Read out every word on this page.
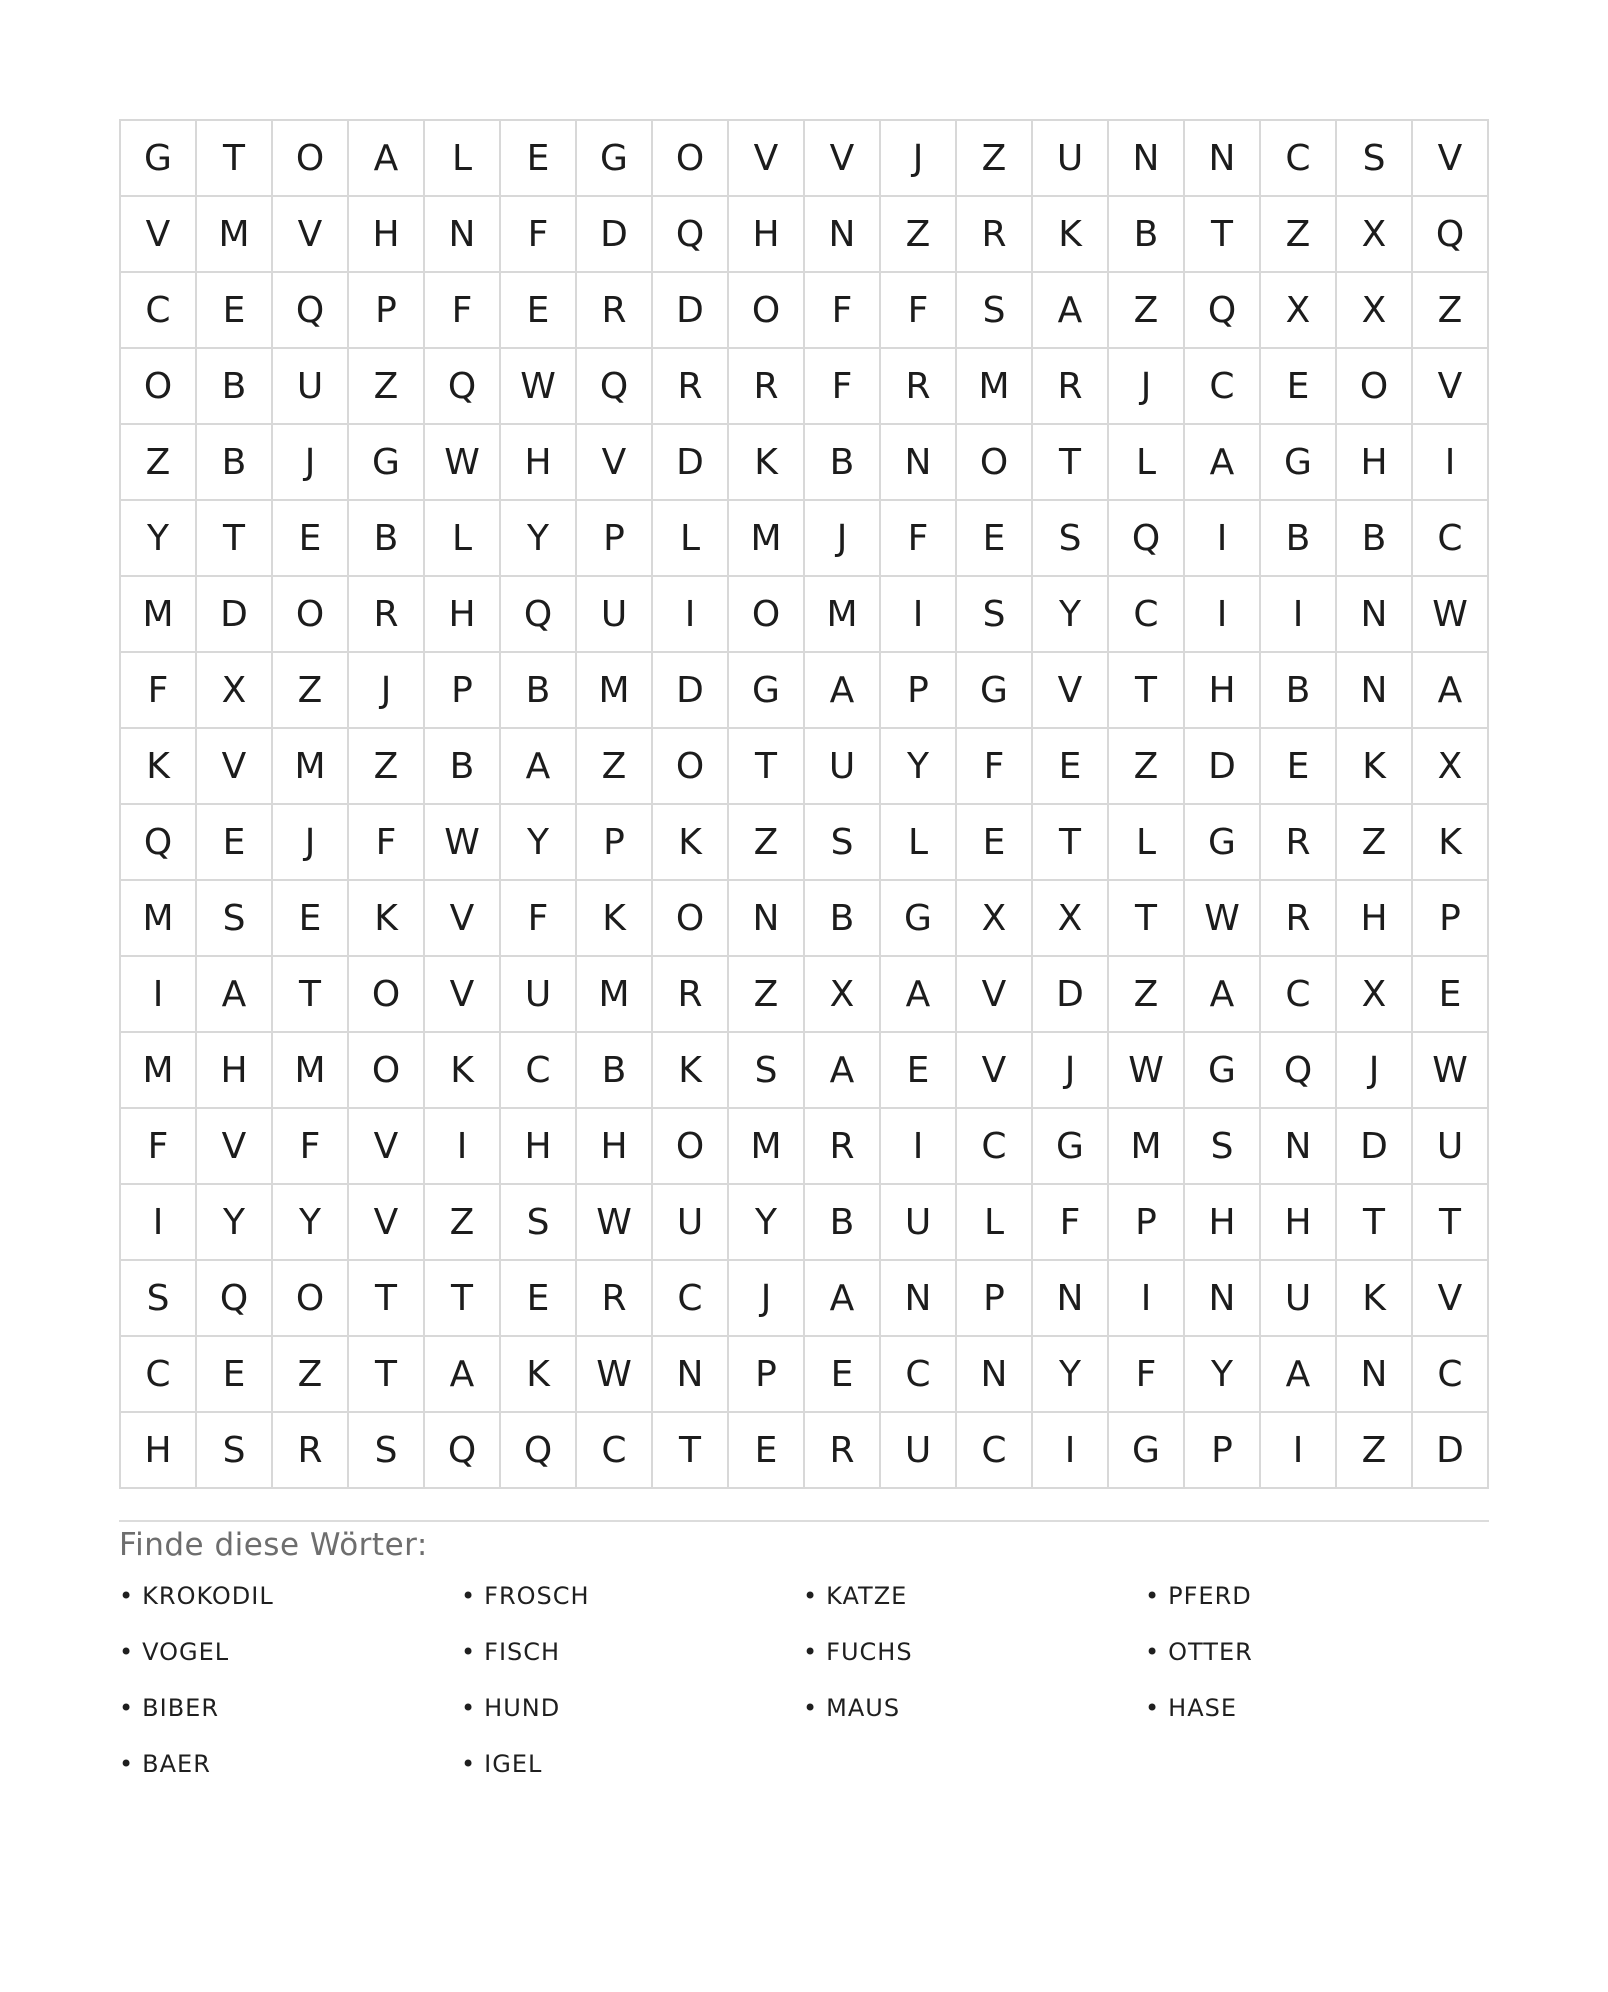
G	T	O	A	L	E	G	O	V	V	J	Z	U	N	N	C	S	V
V	M	V	H	N	F	D	Q	H	N	Z	R	K	B	T	Z	X	Q
C	E	Q	P	F	E	R	D	O	F	F	S	A	Z	Q	X	X	Z
O	B	U	Z	Q	W	Q	R	R	F	R	M	R	J	C	E	O	V
Z	B	J	G	W	H	V	D	K	B	N	O	T	L	A	G	H	I
Y	T	E	B	L	Y	P	L	M	J	F	E	S	Q	I	B	B	C
M	D	O	R	H	Q	U	I	O	M	I	S	Y	C	I	I	N	W
F	X	Z	J	P	B	M	D	G	A	P	G	V	T	H	B	N	A
K	V	M	Z	B	A	Z	O	T	U	Y	F	E	Z	D	E	K	X
Q	E	J	F	W	Y	P	K	Z	S	L	E	T	L	G	R	Z	K
M	S	E	K	V	F	K	O	N	B	G	X	X	T	W	R	H	P
I	A	T	O	V	U	M	R	Z	X	A	V	D	Z	A	C	X	E
M	H	M	O	K	C	B	K	S	A	E	V	J	W	G	Q	J	W
F	V	F	V	I	H	H	O	M	R	I	C	G	M	S	N	D	U
I	Y	Y	V	Z	S	W	U	Y	B	U	L	F	P	H	H	T	T
S	Q	O	T	T	E	R	C	J	A	N	P	N	I	N	U	K	V
C	E	Z	T	A	K	W	N	P	E	C	N	Y	F	Y	A	N	C
H	S	R	S	Q	Q	C	T	E	R	U	C	I	G	P	I	Z	D
Finde diese Wörter:
• KROKODIL	• FROSCH	• KATZE	• PFERD
• VOGEL	• FISCH	• FUCHS	• OTTER
• BIBER	• HUND	• MAUS	• HASE
• BAER	• IGEL
